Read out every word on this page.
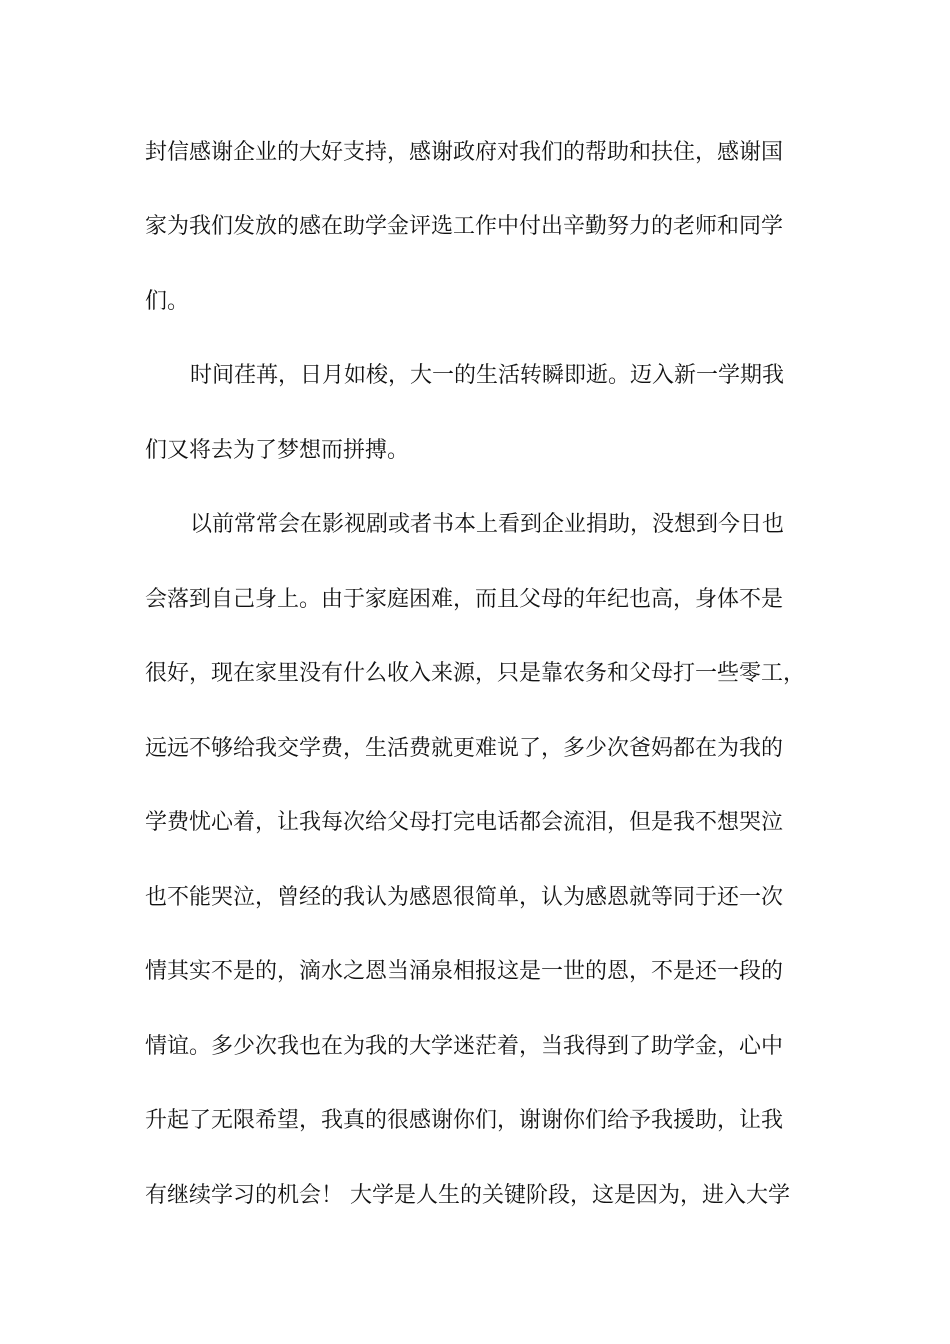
封信感谢企业的大好支持，感谢政府对我们的帮助和扶住，感谢国
家为我们发放的感在助学金评选工作中付出辛勤努力的老师和同学
们。
时间荏苒，日月如梭，大一的生活转瞬即逝。迈入新一学期我
们又将去为了梦想而拼搏。
以前常常会在影视剧或者书本上看到企业捐助，没想到今日也
会落到自己身上。由于家庭困难，而且父母的年纪也高，身体不是
很好，现在家里没有什么收入来源，只是靠农务和父母打一些零工，
远远不够给我交学费，生活费就更难说了，多少次爸妈都在为我的
学费忧心着，让我每次给父母打完电话都会流泪，但是我不想哭泣
也不能哭泣，曾经的我认为感恩很简单，认为感恩就等同于还一次
情其实不是的，滴水之恩当涌泉相报这是一世的恩，不是还一段的
情谊。多少次我也在为我的大学迷茫着，当我得到了助学金，心中
升起了无限希望，我真的很感谢你们，谢谢你们给予我援助，让我
有继续学习的机会！ 大学是人生的关键阶段，这是因为，进入大学
